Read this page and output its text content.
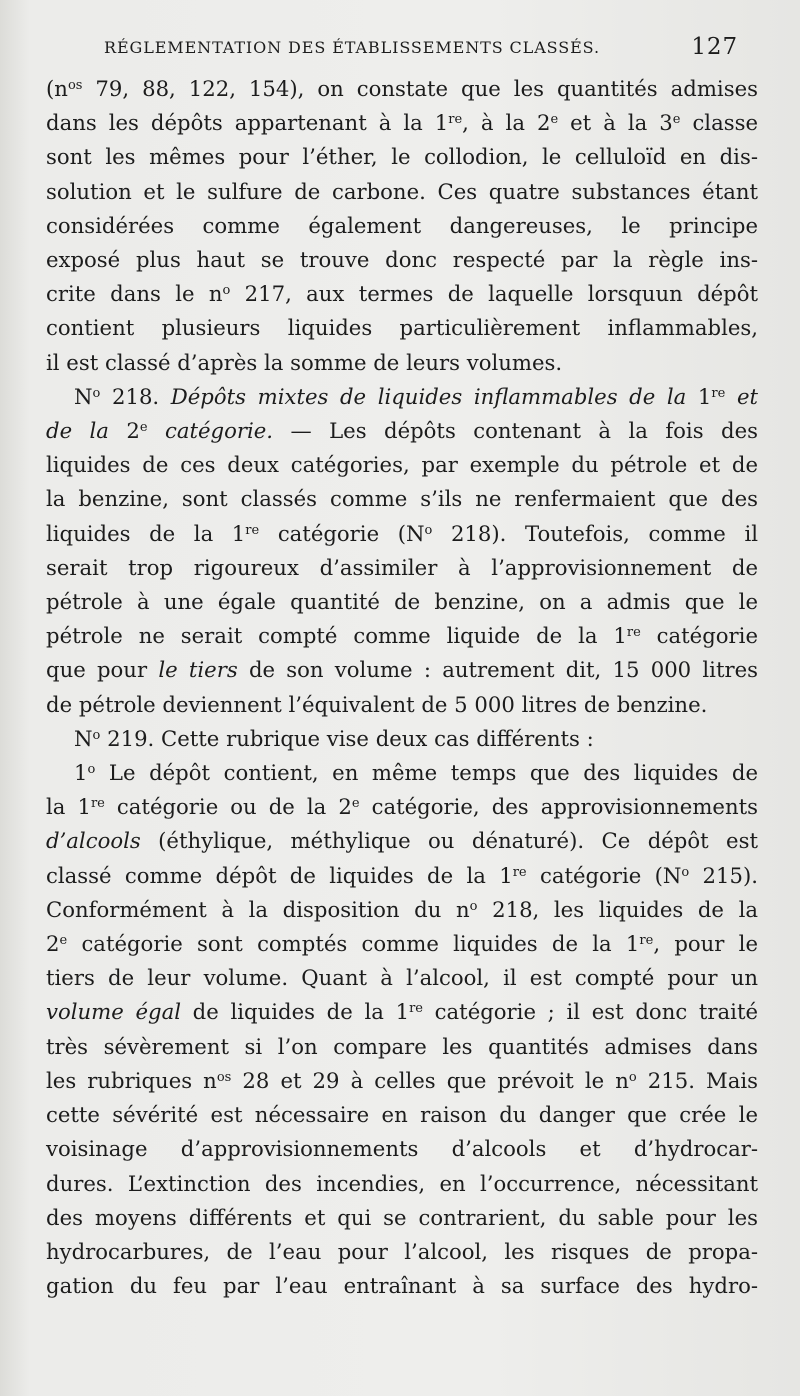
RÉGLEMENTATION DES ÉTABLISSEMENTS CLASSÉS.	127
($n^{os}$ 79, 88, 122, 154), on constate que les quantités admises
dans les dépôts appartenant à la 1re, à la 2e et à la 3e classe
sont les mêmes pour l’éther, le collodion, le celluloïd en dis-
solution et le sulfure de carbone. Ces quatre substances étant
considérées comme également dangereuses, le principe
exposé plus haut se trouve donc respecté par la règle ins-
crite dans le $n^o$ 217, aux termes de laquelle lorsquun dépôt
contient plusieurs liquides particulièrement inflammables,
il est classé d’après la somme de leurs volumes.
$N^o$ 218. Dépôts mixtes de liquides inflammables de la 1re et
de la 2e catégorie. — Les dépôts contenant à la fois des
liquides de ces deux catégories, par exemple du pétrole et de
la benzine, sont classés comme s’ils ne renfermaient que des
liquides de la 1re catégorie ($N^o$ 218). Toutefois, comme il
serait trop rigoureux d’assimiler à l’approvisionnement de
pétrole à une égale quantité de benzine, on a admis que le
pétrole ne serait compté comme liquide de la 1re catégorie
que pour le tiers de son volume : autrement dit, 15 000 litres
de pétrole deviennent l’équivalent de 5 000 litres de benzine.
$N^o$ 219. Cette rubrique vise deux cas différents :
1$^o$ Le dépôt contient, en même temps que des liquides de
la 1re catégorie ou de la 2e catégorie, des approvisionnements
d’alcools (éthylique, méthylique ou dénaturé). Ce dépôt est
classé comme dépôt de liquides de la 1re catégorie ($N^o$ 215).
Conformément à la disposition du $n^o$ 218, les liquides de la
2e catégorie sont comptés comme liquides de la 1re, pour le
tiers de leur volume. Quant à l’alcool, il est compté pour un
volume égal de liquides de la 1re catégorie ; il est donc traité
très sévèrement si l’on compare les quantités admises dans
les rubriques $n^{os}$ 28 et 29 à celles que prévoit le $n^o$ 215. Mais
cette sévérité est nécessaire en raison du danger que crée le
voisinage d’approvisionnements d’alcools et d’hydrocar-
dures. L’extinction des incendies, en l’occurrence, nécessitant
des moyens différents et qui se contrarient, du sable pour les
hydrocarbures, de l’eau pour l’alcool, les risques de propa-
gation du feu par l’eau entraînant à sa surface des hydro-
